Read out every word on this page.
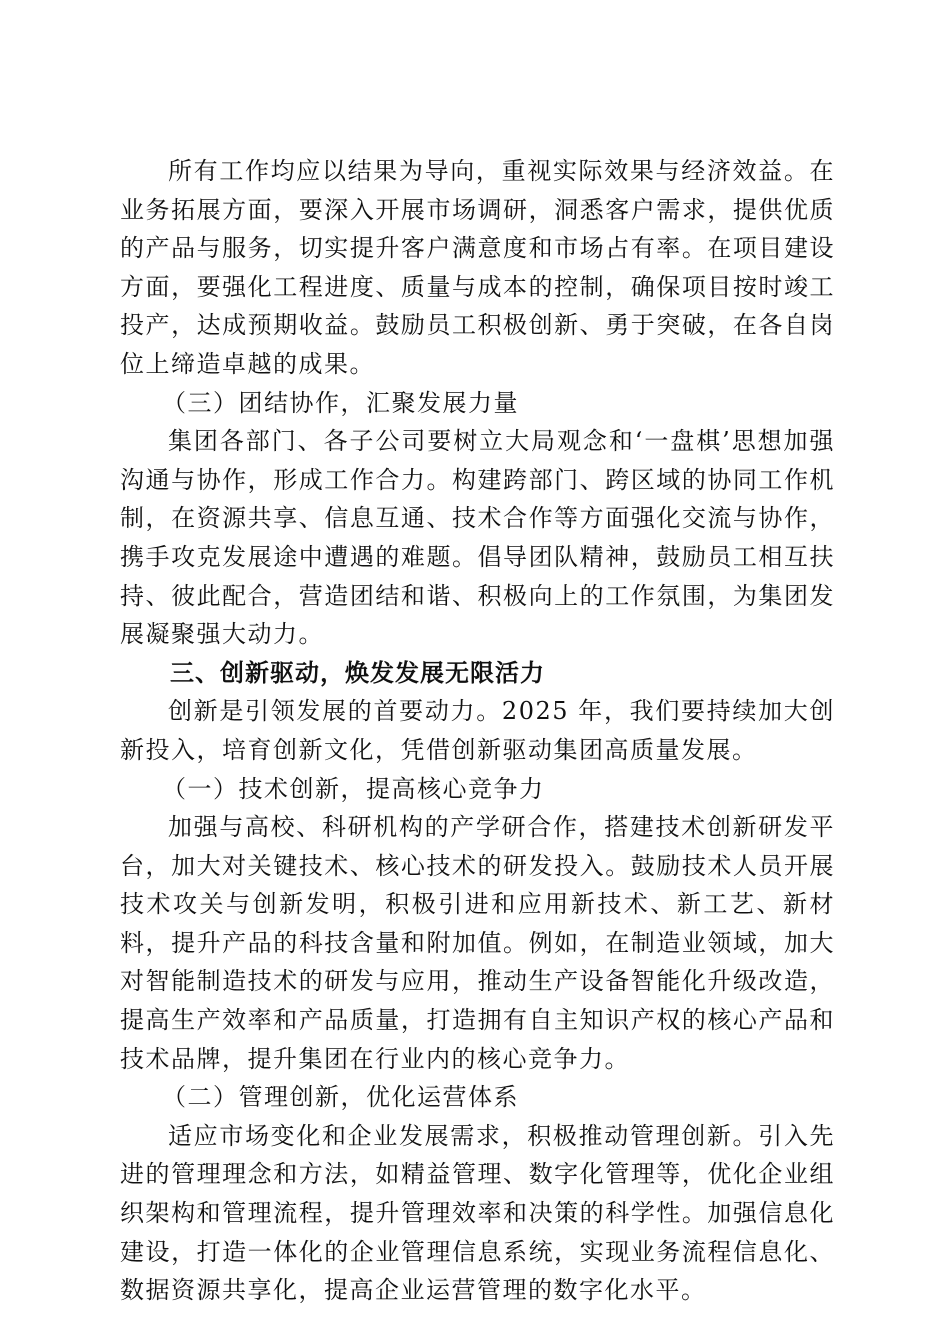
所有工作均应以结果为导向，重视实际效果与经济效益。在业务拓展方面，要深入开展市场调研，洞悉客户需求，提供优质的产品与服务，切实提升客户满意度和市场占有率。在项目建设方面，要强化工程进度、质量与成本的控制，确保项目按时竣工投产，达成预期收益。鼓励员工积极创新、勇于突破，在各自岗位上缔造卓越的成果。

（三）团结协作，汇聚发展力量

集团各部门、各子公司要树立大局观念和‘一盘棋’思想加强沟通与协作，形成工作合力。构建跨部门、跨区域的协同工作机制，在资源共享、信息互通、技术合作等方面强化交流与协作，携手攻克发展途中遭遇的难题。倡导团队精神，鼓励员工相互扶持、彼此配合，营造团结和谐、积极向上的工作氛围，为集团发展凝聚强大动力。

三、创新驱动，焕发发展无限活力

创新是引领发展的首要动力。2025 年，我们要持续加大创新投入，培育创新文化，凭借创新驱动集团高质量发展。

（一）技术创新，提高核心竞争力

加强与高校、科研机构的产学研合作，搭建技术创新研发平台，加大对关键技术、核心技术的研发投入。鼓励技术人员开展技术攻关与创新发明，积极引进和应用新技术、新工艺、新材料，提升产品的科技含量和附加值。例如，在制造业领域，加大对智能制造技术的研发与应用，推动生产设备智能化升级改造，提高生产效率和产品质量，打造拥有自主知识产权的核心产品和技术品牌，提升集团在行业内的核心竞争力。

（二）管理创新，优化运营体系

适应市场变化和企业发展需求，积极推动管理创新。引入先进的管理理念和方法，如精益管理、数字化管理等，优化企业组织架构和管理流程，提升管理效率和决策的科学性。加强信息化建设，打造一体化的企业管理信息系统，实现业务流程信息化、数据资源共享化，提高企业运营管理的数字化水平。
